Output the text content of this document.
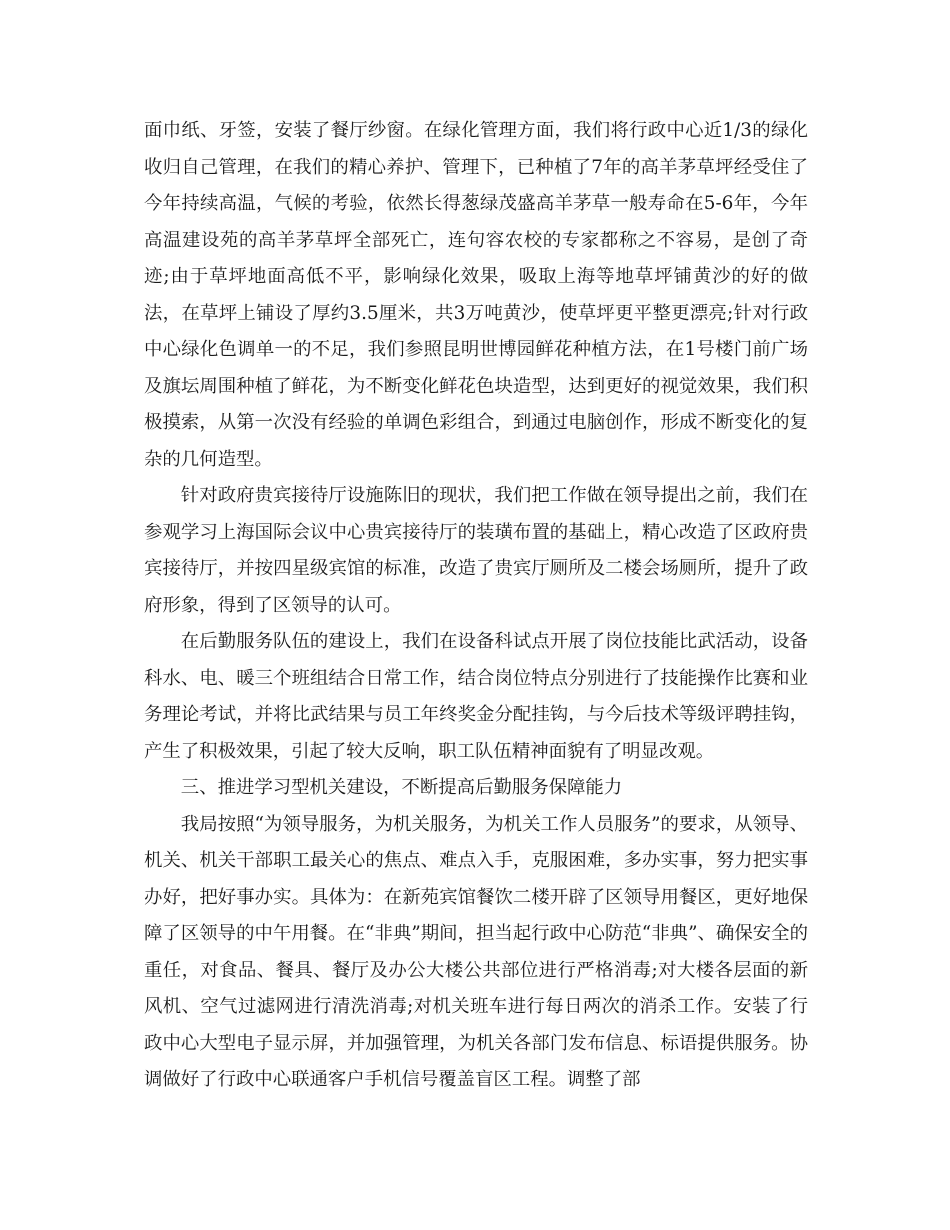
面巾纸、牙签，安装了餐厅纱窗。在绿化管理方面，我们将行政中心近1/3的绿化收归自己管理，在我们的精心养护、管理下，已种植了7年的高羊茅草坪经受住了今年持续高温，气候的考验，依然长得葱绿茂盛高羊茅草一般寿命在5-6年，今年高温建设苑的高羊茅草坪全部死亡，连句容农校的专家都称之不容易，是创了奇迹;由于草坪地面高低不平，影响绿化效果，吸取上海等地草坪铺黄沙的好的做法，在草坪上铺设了厚约3.5厘米，共3万吨黄沙，使草坪更平整更漂亮;针对行政中心绿化色调单一的不足，我们参照昆明世博园鲜花种植方法，在1号楼门前广场及旗坛周围种植了鲜花，为不断变化鲜花色块造型，达到更好的视觉效果，我们积极摸索，从第一次没有经验的单调色彩组合，到通过电脑创作，形成不断变化的复杂的几何造型。

针对政府贵宾接待厅设施陈旧的现状，我们把工作做在领导提出之前，我们在参观学习上海国际会议中心贵宾接待厅的装璜布置的基础上，精心改造了区政府贵宾接待厅，并按四星级宾馆的标准，改造了贵宾厅厕所及二楼会场厕所，提升了政府形象，得到了区领导的认可。

在后勤服务队伍的建设上，我们在设备科试点开展了岗位技能比武活动，设备科水、电、暖三个班组结合日常工作，结合岗位特点分别进行了技能操作比赛和业务理论考试，并将比武结果与员工年终奖金分配挂钩，与今后技术等级评聘挂钩，产生了积极效果，引起了较大反响，职工队伍精神面貌有了明显改观。

三、推进学习型机关建设，不断提高后勤服务保障能力

我局按照“为领导服务，为机关服务，为机关工作人员服务”的要求，从领导、机关、机关干部职工最关心的焦点、难点入手，克服困难，多办实事，努力把实事办好，把好事办实。具体为：在新苑宾馆餐饮二楼开辟了区领导用餐区，更好地保障了区领导的中午用餐。在“非典”期间，担当起行政中心防范“非典”、确保安全的重任，对食品、餐具、餐厅及办公大楼公共部位进行严格消毒;对大楼各层面的新风机、空气过滤网进行清洗消毒;对机关班车进行每日两次的消杀工作。安装了行政中心大型电子显示屏，并加强管理，为机关各部门发布信息、标语提供服务。协调做好了行政中心联通客户手机信号覆盖盲区工程。调整了部
